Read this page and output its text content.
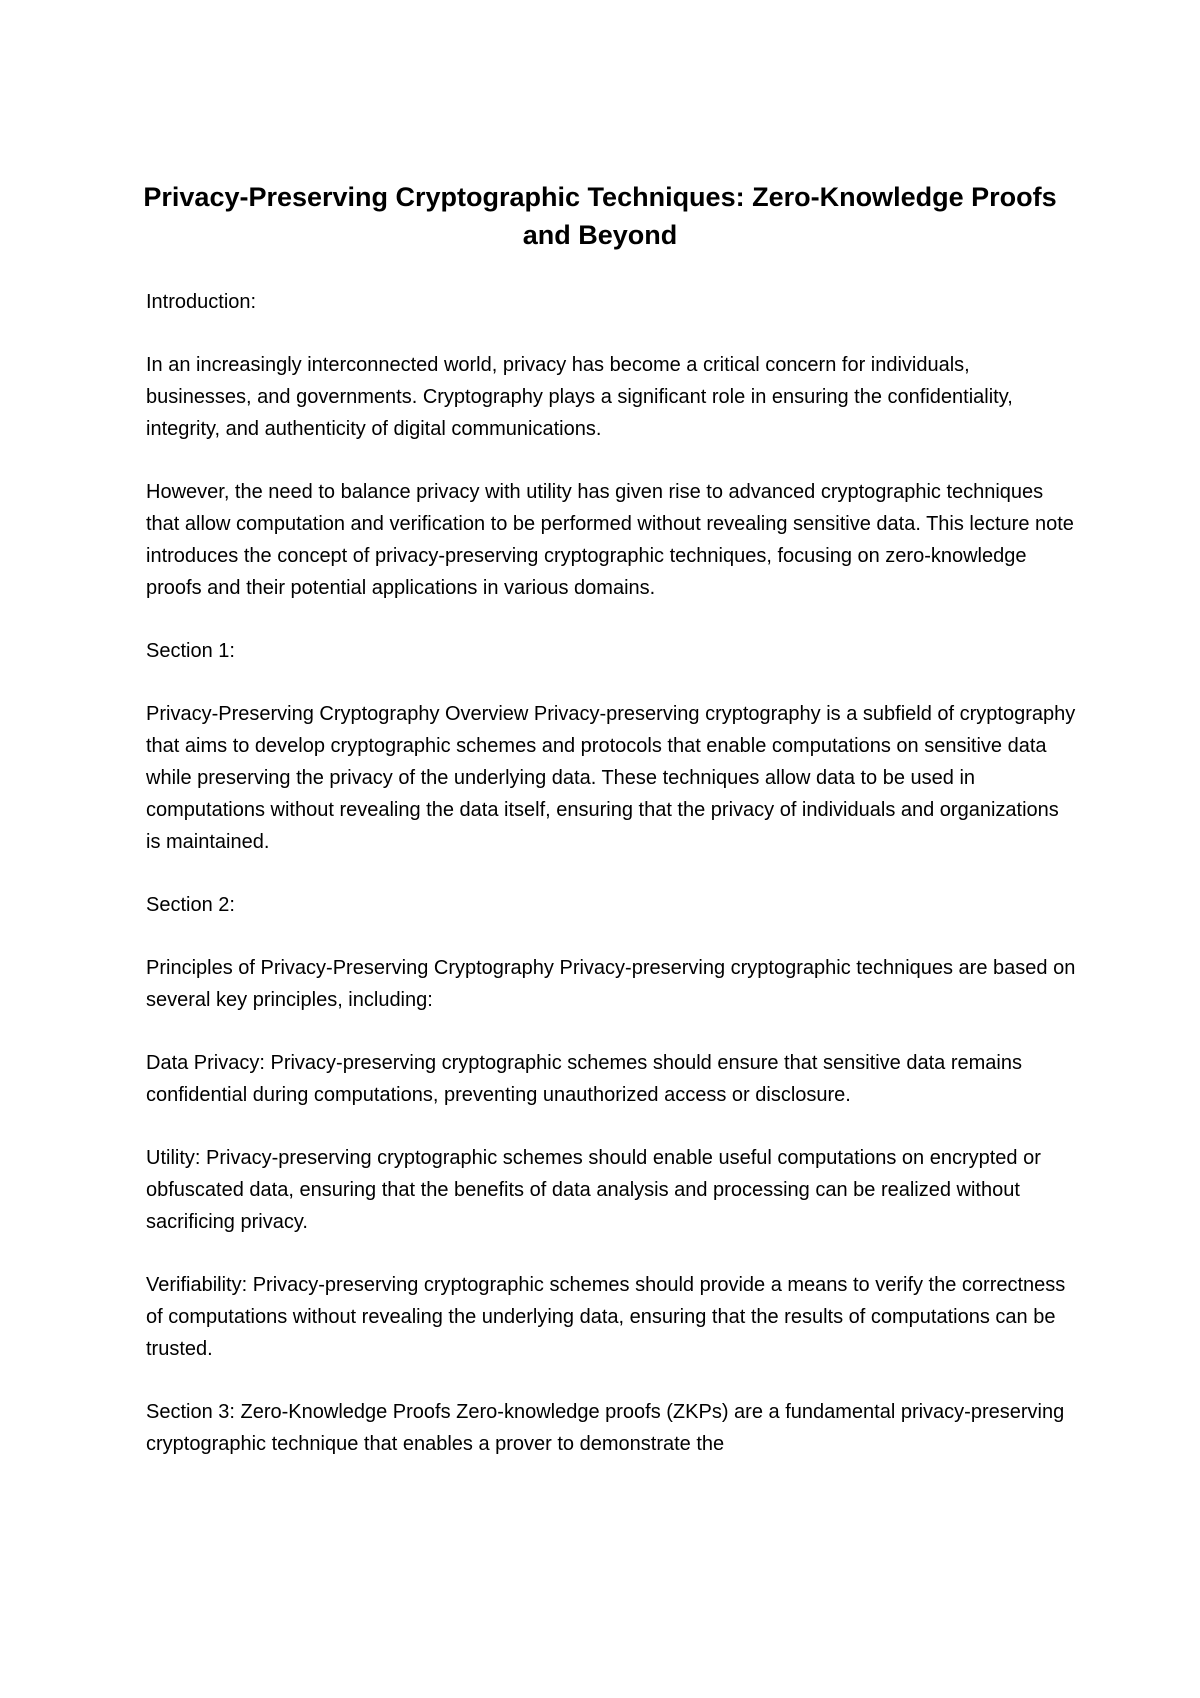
Privacy-Preserving Cryptographic Techniques: Zero-Knowledge Proofs and Beyond

Introduction:

In an increasingly interconnected world, privacy has become a critical concern for individuals, businesses, and governments. Cryptography plays a significant role in ensuring the confidentiality, integrity, and authenticity of digital communications.

However, the need to balance privacy with utility has given rise to advanced cryptographic techniques that allow computation and verification to be performed without revealing sensitive data. This lecture note introduces the concept of privacy-preserving cryptographic techniques, focusing on zero-knowledge proofs and their potential applications in various domains.

Section 1:

Privacy-Preserving Cryptography Overview Privacy-preserving cryptography is a subfield of cryptography that aims to develop cryptographic schemes and protocols that enable computations on sensitive data while preserving the privacy of the underlying data. These techniques allow data to be used in computations without revealing the data itself, ensuring that the privacy of individuals and organizations is maintained.

Section 2:

Principles of Privacy-Preserving Cryptography Privacy-preserving cryptographic techniques are based on several key principles, including:

Data Privacy: Privacy-preserving cryptographic schemes should ensure that sensitive data remains confidential during computations, preventing unauthorized access or disclosure.

Utility: Privacy-preserving cryptographic schemes should enable useful computations on encrypted or obfuscated data, ensuring that the benefits of data analysis and processing can be realized without sacrificing privacy.

Verifiability: Privacy-preserving cryptographic schemes should provide a means to verify the correctness of computations without revealing the underlying data, ensuring that the results of computations can be trusted.

Section 3: Zero-Knowledge Proofs Zero-knowledge proofs (ZKPs) are a fundamental privacy-preserving cryptographic technique that enables a prover to demonstrate the
